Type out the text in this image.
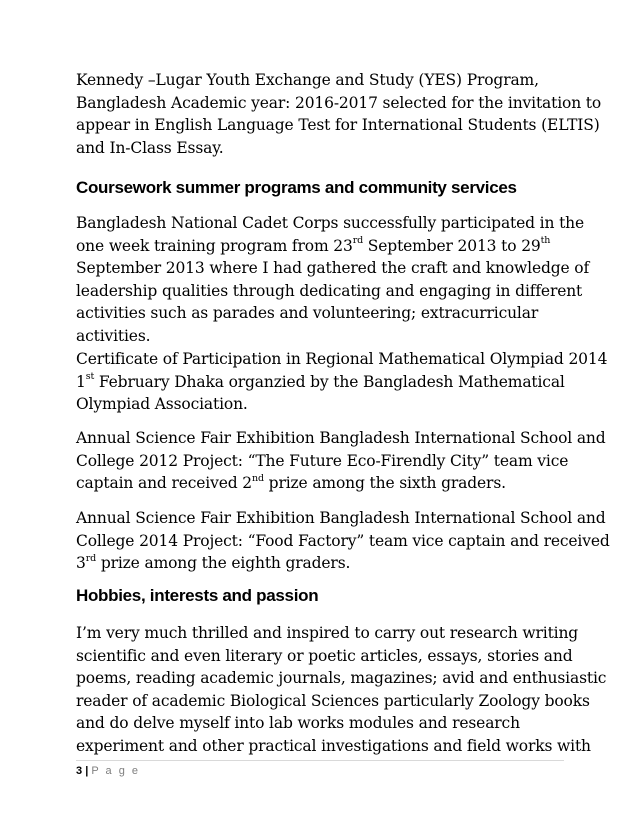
Kennedy –Lugar Youth Exchange and Study (YES) Program,
Bangladesh Academic year: 2016-2017 selected for the invitation to
appear in English Language Test for International Students (ELTIS)
and In-Class Essay.

Coursework summer programs and community services

Bangladesh National Cadet Corps successfully participated in the
one week training program from 23rd September 2013 to 29th
September 2013 where I had gathered the craft and knowledge of
leadership qualities through dedicating and engaging in different
activities such as parades and volunteering; extracurricular
activities.

Certificate of Participation in Regional Mathematical Olympiad 2014
1st February Dhaka organzied by the Bangladesh Mathematical
Olympiad Association.

Annual Science Fair Exhibition Bangladesh International School and
College 2012 Project: “The Future Eco-Firendly City” team vice
captain and received 2nd prize among the sixth graders.

Annual Science Fair Exhibition Bangladesh International School and
College 2014 Project: “Food Factory” team vice captain and received
3rd prize among the eighth graders.

Hobbies, interests and passion

I’m very much thrilled and inspired to carry out research writing
scientific and even literary or poetic articles, essays, stories and
poems, reading academic journals, magazines; avid and enthusiastic
reader of academic Biological Sciences particularly Zoology books
and do delve myself into lab works modules and research
experiment and other practical investigations and field works with

3 | P a g e
